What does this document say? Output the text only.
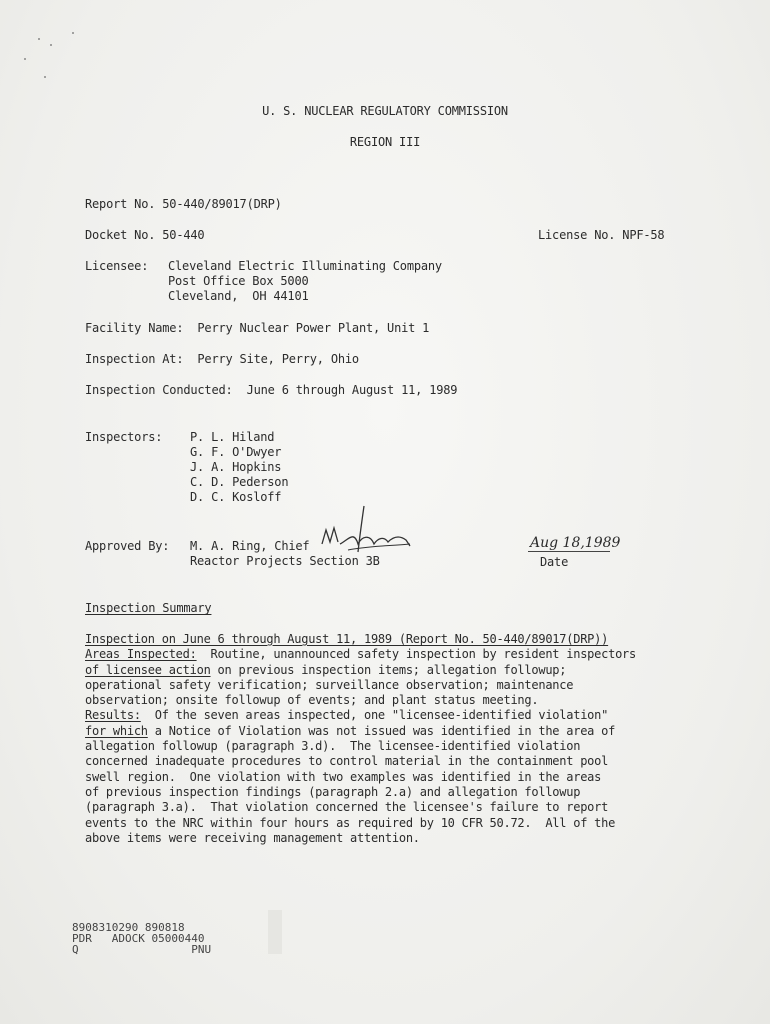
U. S. NUCLEAR REGULATORY COMMISSION
REGION III
Report No. 50-440/89017(DRP)
Docket No. 50-440	License No. NPF-58
Licensee: Cleveland Electric Illuminating Company
Post Office Box 5000
Cleveland,  OH 44101
Facility Name:  Perry Nuclear Power Plant, Unit 1
Inspection At:  Perry Site, Perry, Ohio
Inspection Conducted:  June 6 through August 11, 1989
Inspectors: P. L. Hiland
G. F. O'Dwyer
J. A. Hopkins
C. D. Pederson
D. C. Kosloff
Approved By: M. A. Ring, Chief
Reactor Projects Section 3B
Aug 18,1989
Date
Inspection Summary
Inspection on June 6 through August 11, 1989 (Report No. 50-440/89017(DRP))
Areas Inspected:  Routine, unannounced safety inspection by resident inspectors
of licensee action on previous inspection items; allegation followup;
operational safety verification; surveillance observation; maintenance
observation; onsite followup of events; and plant status meeting.
Results:  Of the seven areas inspected, one "licensee-identified violation"
for which a Notice of Violation was not issued was identified in the area of
allegation followup (paragraph 3.d).  The licensee-identified violation
concerned inadequate procedures to control material in the containment pool
swell region.  One violation with two examples was identified in the areas
of previous inspection findings (paragraph 2.a) and allegation followup
(paragraph 3.a).  That violation concerned the licensee's failure to report
events to the NRC within four hours as required by 10 CFR 50.72.  All of the
above items were receiving management attention.
8908310290 890818
PDR   ADOCK 05000440
Q                 PNU
